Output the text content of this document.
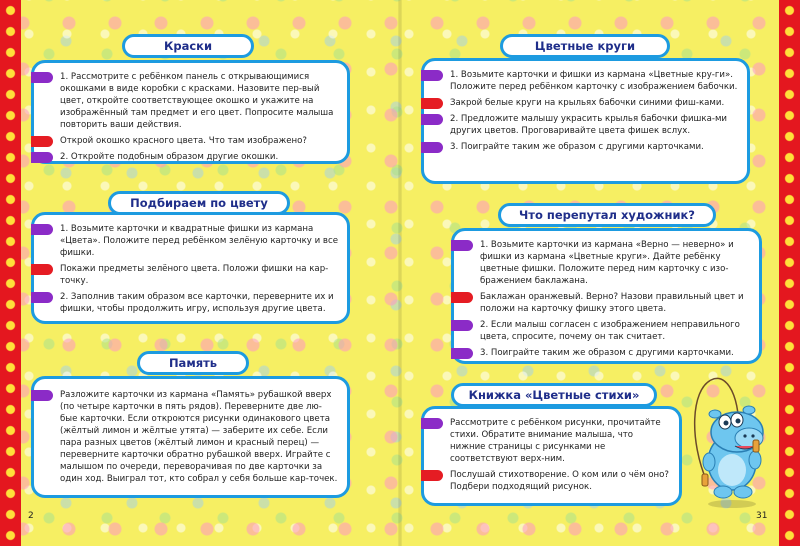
1. Рассмотрите с ребёнком панель с открывающимися окошками в виде коробки с красками. Назовите пер-вый цвет, откройте соответствующее окошко и укажите на изображённый там предмет и его цвет. Попросите малыша повторить ваши действия.
Открой окошко красного цвета. Что там изображено?
2. Откройте подобным образом другие окошки.
Краски
1. Возьмите карточки и квадратные фишки из кармана «Цвета». Положите перед ребёнком зелёную карточку и все фишки.
Покажи предметы зелёного цвета. Положи фишки на кар-точку.
2. Заполнив таким образом все карточки, переверните их и фишки, чтобы продолжить игру, используя другие цвета.
Подбираем по цвету
Разложите карточки из кармана «Память» рубашкой вверх (по четыре карточки в пять рядов). Переверните две лю-бые карточки. Если откроются рисунки одинакового цвета (жёлтый лимон и жёлтые утята) — заберите их себе. Если пара разных цветов (жёлтый лимон и красный перец) — переверните карточки обратно рубашкой вверх. Играйте с малышом по очереди, переворачивая по две карточки за один ход. Выиграл тот, кто собрал у себя больше кар-точек.
Память
2
1. Возьмите карточки и фишки из кармана «Цветные кру-ги». Положите перед ребёнком карточку с изображением бабочки.
Закрой белые круги на крыльях бабочки синими фиш-ками.
2. Предложите малышу украсить крылья бабочки фишка-ми других цветов. Проговаривайте цвета фишек вслух.
3. Поиграйте таким же образом с другими карточками.
Цветные круги
1. Возьмите карточки из кармана «Верно — неверно» и фишки из кармана «Цветные круги». Дайте ребёнку цветные фишки. Положите перед ним карточку с изо-бражением баклажана.
Баклажан оранжевый. Верно? Назови правильный цвет и положи на карточку фишку этого цвета.
2. Если малыш согласен с изображением неправильного цвета, спросите, почему он так считает.
3. Поиграйте таким же образом с другими карточками.
Что перепутал художник?
Рассмотрите с ребёнком рисунки, прочитайте стихи. Обратите внимание малыша, что нижние страницы с рисунками не соответствуют верх-ним.
Послушай стихотворение. О ком или о чём оно? Подбери подходящий рисунок.
Книжка «Цветные стихи»
31
